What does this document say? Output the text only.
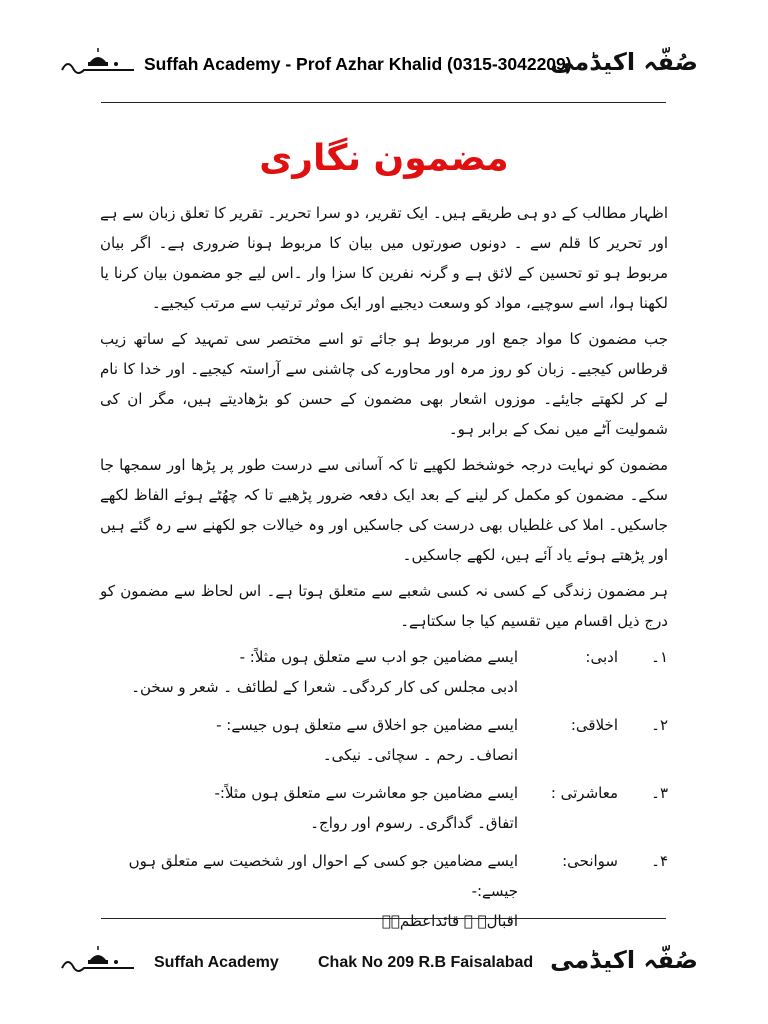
Suffah Academy - Prof Azhar Khalid (0315-3042209)
صُفّہ اکیڈمی
مضمون نگاری

اظہار مطالب کے دو ہی طریقے ہیں۔ ایک تقریر، دو سرا تحریر۔ تقریر کا تعلق زبان سے ہے اور تحریر کا قلم سے ۔ دونوں صورتوں میں بیان کا مربوط ہونا ضروری ہے۔ اگر بیان مربوط ہو تو تحسین کے لائق ہے و گرنہ نفرین کا سزا وار ۔اس لیے جو مضمون بیان کرنا یا لکھنا ہوا، اسے سوچیے، مواد کو وسعت دیجیے اور ایک موثر ترتیب سے مرتب کیجیے۔

جب مضمون کا مواد جمع اور مربوط ہو جائے تو اسے مختصر سی تمہید کے ساتھ زیب قرطاس کیجیے۔ زبان کو روز مرہ اور محاورے کی چاشنی سے آراستہ کیجیے۔ اور خدا کا نام لے کر لکھتے جایئے۔ موزوں اشعار بھی مضمون کے حسن کو بڑھادیتے ہیں، مگر ان کی شمولیت آٹے میں نمک کے برابر ہو۔

مضمون کو نہایت درجہ خوشخط لکھیے تا کہ آسانی سے درست طور پر پڑھا اور سمجھا جا سکے۔ مضمون کو مکمل کر لینے کے بعد ایک دفعہ ضرور پڑھیے تا کہ چھُٹے ہوئے الفاظ لکھے جاسکیں۔ املا کی غلطیاں بھی درست کی جاسکیں اور وہ خیالات جو لکھنے سے رہ گئے ہیں اور پڑھتے ہوئے یاد آئے ہیں، لکھے جاسکیں۔

ہر مضمون زندگی کے کسی نہ کسی شعبے سے متعلق ہوتا ہے۔ اس لحاظ سے مضمون کو درج ذیل اقسام میں تقسیم کیا جا سکتاہے۔

۱۔
ادبی:
ایسے مضامین جو ادب سے متعلق ہوں مثلاً: -
ادبی مجلس کی کار کردگی۔ شعرا کے لطائف ۔ شعر و سخن۔
۲۔
اخلاقی:
ایسے مضامین جو اخلاق سے متعلق ہوں جیسے: -
انصاف۔ رحم ۔ سچائی۔ نیکی۔
۳۔
معاشرتی :
ایسے مضامین جو معاشرت سے متعلق ہوں مثلاً:-
اتفاق۔ گداگری۔ رسوم اور رواج۔
۴۔
سوانحی:
ایسے مضامین جو کسی کے احوال اور شخصیت سے متعلق ہوں جیسے:-
اقبالؒ ۔ قائداعظمؒ۔
Suffah Academy Chak No 209 R.B Faisalabad صُفّہ اکیڈمی
